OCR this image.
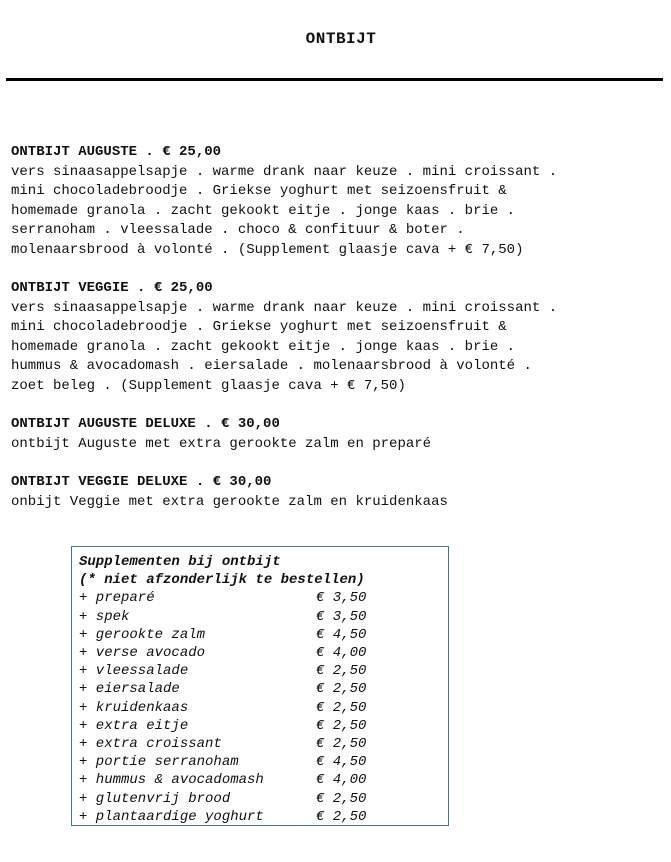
ONTBIJT
ONTBIJT AUGUSTE . € 25,00
vers sinaasappelsapje . warme drank naar keuze . mini croissant .
mini chocoladebroodje . Griekse yoghurt met seizoensfruit &
homemade granola . zacht gekookt eitje . jonge kaas . brie .
serranoham . vleessalade . choco & confituur & boter .
molenaarsbrood à volonté . (Supplement glaasje cava + € 7,50)
ONTBIJT VEGGIE . € 25,00
vers sinaasappelsapje . warme drank naar keuze . mini croissant .
mini chocoladebroodje . Griekse yoghurt met seizoensfruit &
homemade granola . zacht gekookt eitje . jonge kaas . brie .
hummus & avocadomash . eiersalade . molenaarsbrood à volonté .
zoet beleg . (Supplement glaasje cava + € 7,50)
ONTBIJT AUGUSTE DELUXE . € 30,00
ontbijt Auguste met extra gerookte zalm en preparé
ONTBIJT VEGGIE DELUXE . € 30,00
onbijt Veggie met extra gerookte zalm en kruidenkaas
Supplementen bij ontbijt
(* niet afzonderlijk te bestellen)
+ preparé	€ 3,50
+ spek	€ 3,50
+ gerookte zalm	€ 4,50
+ verse avocado	€ 4,00
+ vleessalade	€ 2,50
+ eiersalade	€ 2,50
+ kruidenkaas	€ 2,50
+ extra eitje	€ 2,50
+ extra croissant	€ 2,50
+ portie serranoham	€ 4,50
+ hummus & avocadomash	€ 4,00
+ glutenvrij brood	€ 2,50
+ plantaardige yoghurt	€ 2,50
